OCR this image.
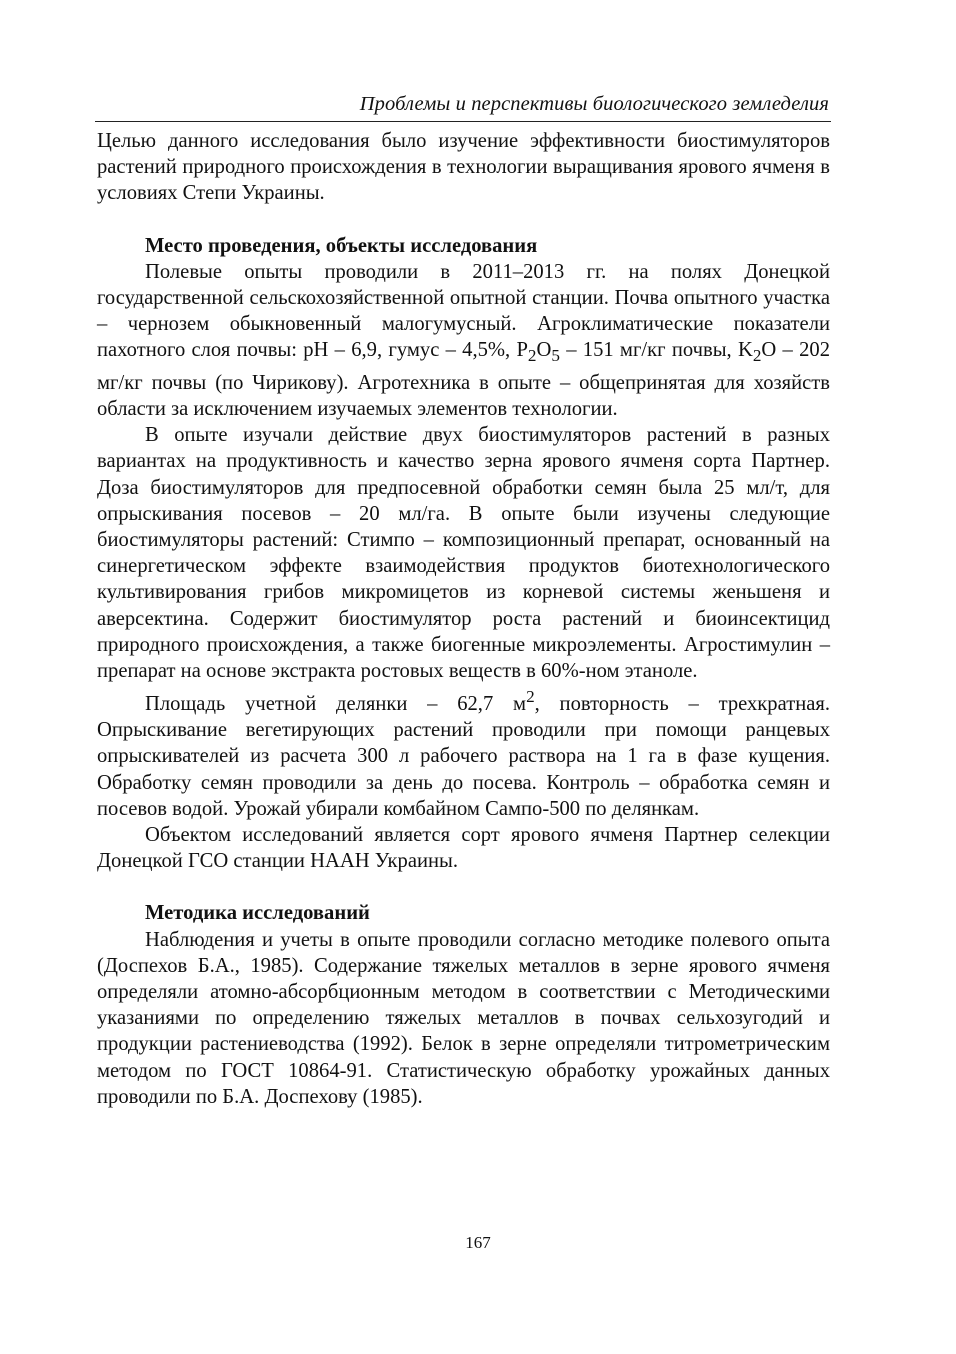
Проблемы и перспективы биологического земледелия

Целью данного исследования было изучение эффективности биостимуляторов растений природного происхождения в технологии выращивания ярового ячменя в условиях Степи Украины.

Место проведения, объекты исследования

Полевые опыты проводили в 2011–2013 гг. на полях Донецкой государственной сельскохозяйственной опытной станции. Почва опытного участка – чернозем обыкновенный малогумусный. Агроклиматические показатели пахотного слоя почвы: pH – 6,9, гумус – 4,5%, $P_2O_5 - 151$ мг/кг почвы, $K_2O - 202$ мг/кг почвы (по Чирикову). Агротехника в опыте – общепринятая для хозяйств области за исключением изучаемых элементов технологии.

В опыте изучали действие двух биостимуляторов растений в разных вариантах на продуктивность и качество зерна ярового ячменя сорта Партнер. Доза биостимуляторов для предпосевной обработки семян была 25 мл/т, для опрыскивания посевов – 20 мл/га. В опыте были изучены следующие биостимуляторы растений: Стимпо – композиционный препарат, основанный на синергетическом эффекте взаимодействия продуктов биотехнологического культивирования грибов микромицетов из корневой системы женьшеня и аверсектина. Содержит биостимулятор роста растений и биоинсектицид природного происхождения, а также биогенные микроэлементы. Агростимулин – препарат на основе экстракта ростовых веществ в 60%-ном этаноле.

Площадь учетной делянки – 62,7 $м^2$, повторность – трехкратная. Опрыскивание вегетирующих растений проводили при помощи ранцевых опрыскивателей из расчета 300 л рабочего раствора на 1 га в фазе кущения. Обработку семян проводили за день до посева. Контроль – обработка семян и посевов водой. Урожай убирали комбайном Сампо-500 по делянкам.

Объектом исследований является сорт ярового ячменя Партнер селекции Донецкой ГСО станции НААН Украины.

Методика исследований

Наблюдения и учеты в опыте проводили согласно методике полевого опыта (Доспехов Б.А., 1985). Содержание тяжелых металлов в зерне ярового ячменя определяли атомно-абсорбционным методом в соответствии с Методическими указаниями по определению тяжелых металлов в почвах сельхозугодий и продукции растениеводства (1992). Белок в зерне определяли титрометрическим методом по ГОСТ 10864-91. Статистическую обработку урожайных данных проводили по Б.А. Доспехову (1985).

167
